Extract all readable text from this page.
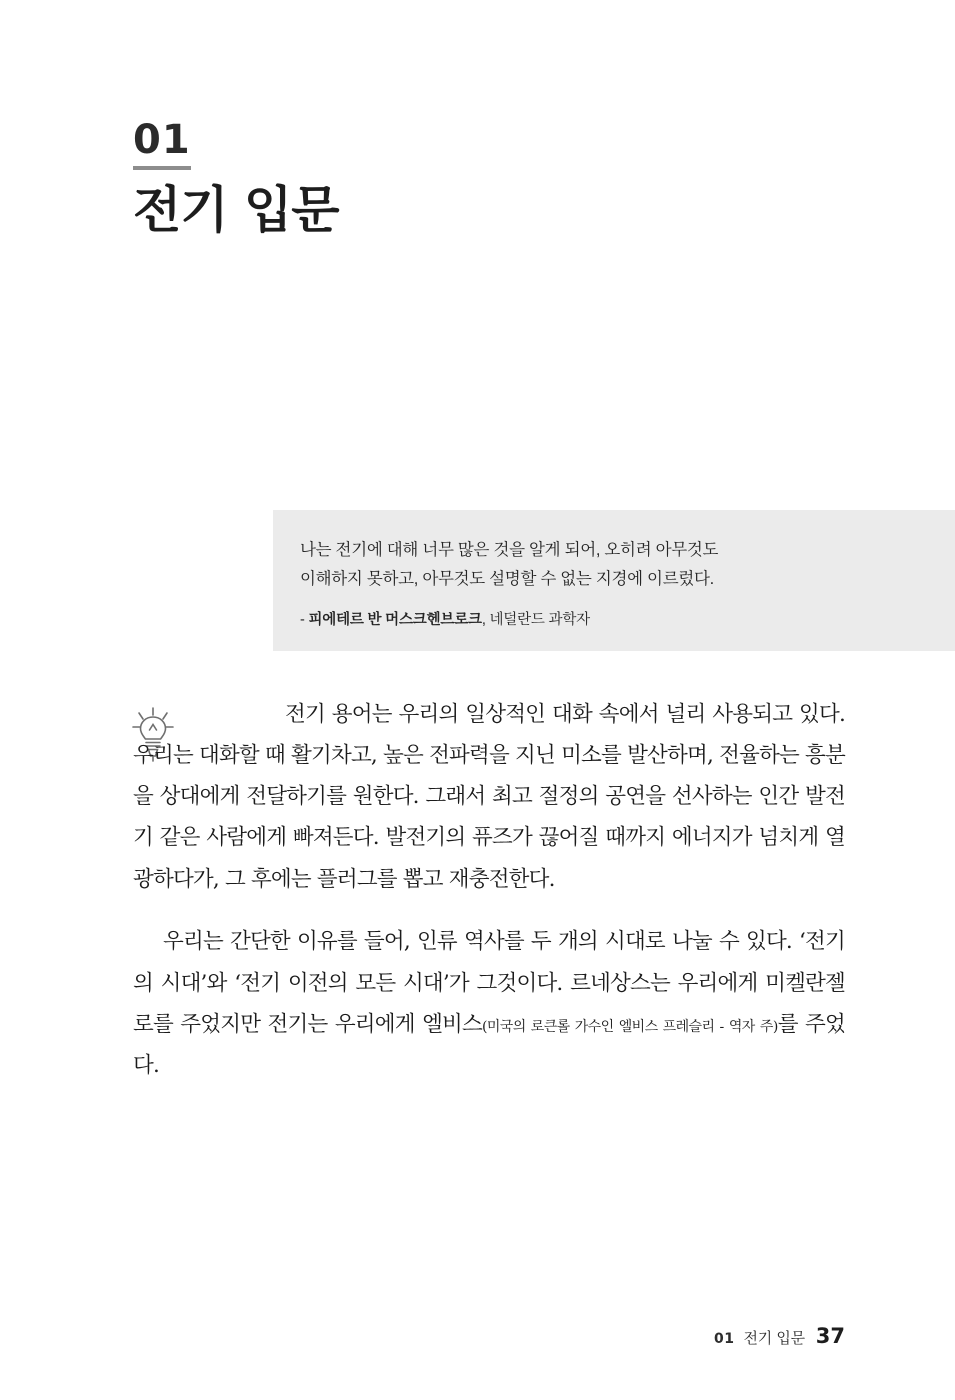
01
전기 입문
나는 전기에 대해 너무 많은 것을 알게 되어, 오히려 아무것도
이해하지 못하고, 아무것도 설명할 수 없는 지경에 이르렀다.
- 피에테르 반 머스크헨브로크, 네덜란드 과학자

전기 용어는 우리의 일상적인 대화 속에서 널리 사용되고 있다. 우리는 대화할 때 활기차고, 높은 전파력을 지닌 미소를 발산하며, 전율하는 흥분을 상대에게 전달하기를 원한다. 그래서 최고 절정의 공연을 선사하는 인간 발전기 같은 사람에게 빠져든다. 발전기의 퓨즈가 끊어질 때까지 에너지가 넘치게 열광하다가, 그 후에는 플러그를 뽑고 재충전한다.

우리는 간단한 이유를 들어, 인류 역사를 두 개의 시대로 나눌 수 있다. ‘전기의 시대’와 ‘전기 이전의 모든 시대’가 그것이다. 르네상스는 우리에게 미켈란젤로를 주었지만 전기는 우리에게 엘비스(미국의 로큰롤 가수인 엘비스 프레슬리 - 역자 주)를 주었다.

01 전기 입문 37
